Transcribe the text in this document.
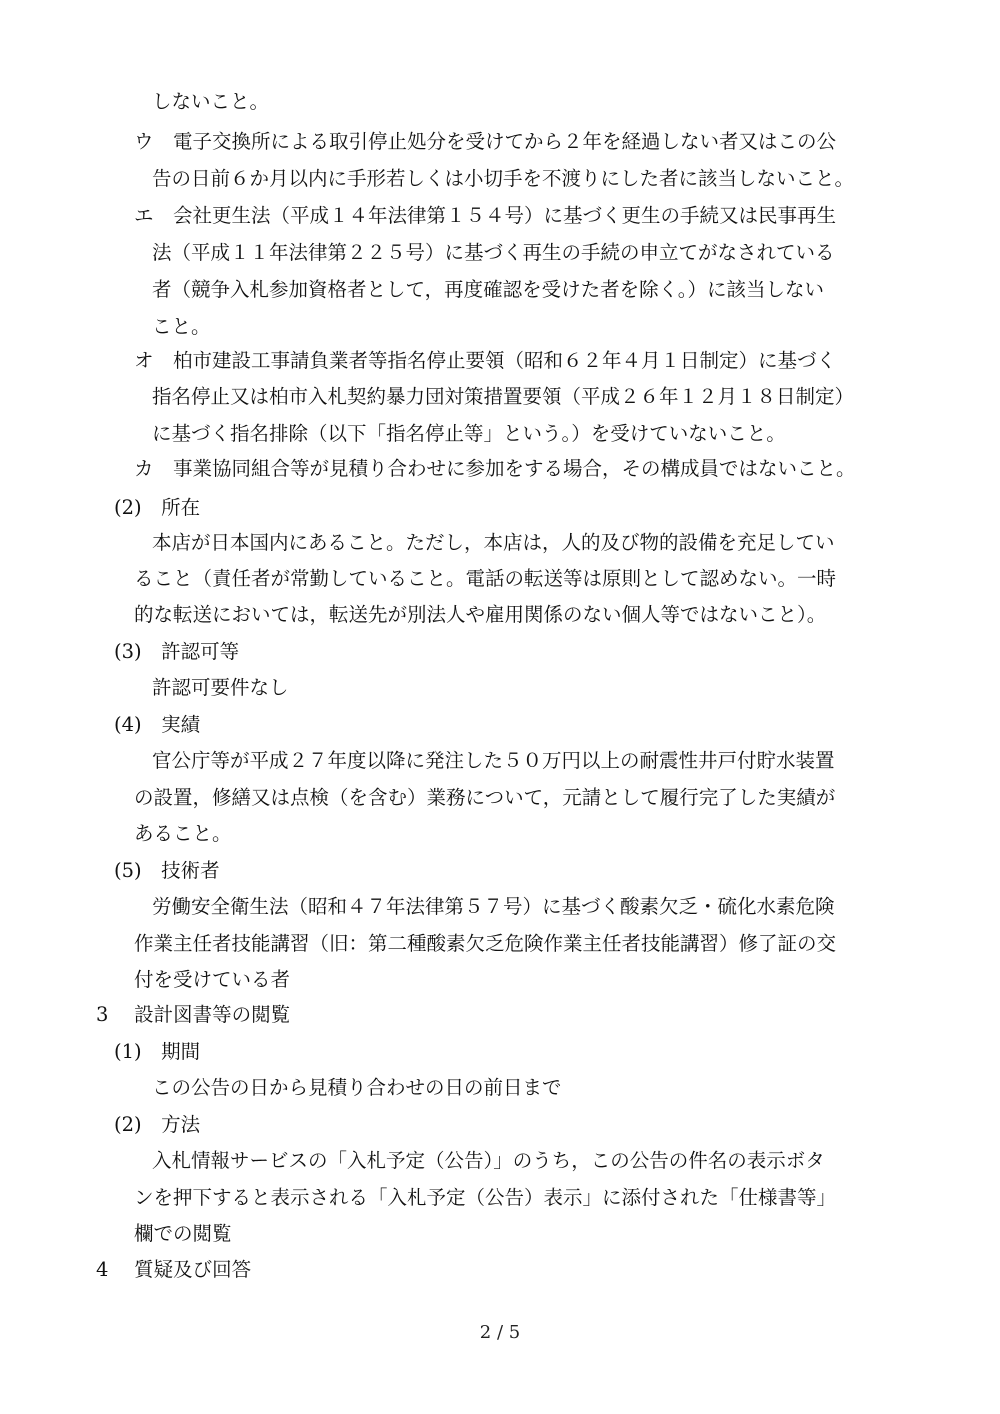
しないこと。

ウ　電子交換所による取引停止処分を受けてから２年を経過しない者又はこの公

告の日前６か月以内に手形若しくは小切手を不渡りにした者に該当しないこと。

エ　会社更生法（平成１４年法律第１５４号）に基づく更生の手続又は民事再生

法（平成１１年法律第２２５号）に基づく再生の手続の申立てがなされている

者（競争入札参加資格者として，再度確認を受けた者を除く。）に該当しない

こと。

オ　柏市建設工事請負業者等指名停止要領（昭和６２年４月１日制定）に基づく

指名停止又は柏市入札契約暴力団対策措置要領（平成２６年１２月１８日制定）

に基づく指名排除（以下「指名停止等」という。）を受けていないこと。

カ　事業協同組合等が見積り合わせに参加をする場合，その構成員ではないこと。

(2)　所在

本店が日本国内にあること。ただし，本店は，人的及び物的設備を充足してい

ること（責任者が常勤していること。電話の転送等は原則として認めない。一時

的な転送においては，転送先が別法人や雇用関係のない個人等ではないこと）。

(3)　許認可等

許認可要件なし

(4)　実績

官公庁等が平成２７年度以降に発注した５０万円以上の耐震性井戸付貯水装置

の設置，修繕又は点検（を含む）業務について，元請として履行完了した実績が

あること。

(5)　技術者

労働安全衛生法（昭和４７年法律第５７号）に基づく酸素欠乏・硫化水素危険

作業主任者技能講習（旧：第二種酸素欠乏危険作業主任者技能講習）修了証の交

付を受けている者

3　 設計図書等の閲覧

(1)　期間

この公告の日から見積り合わせの日の前日まで

(2)　方法

入札情報サービスの「入札予定（公告）」のうち，この公告の件名の表示ボタ

ンを押下すると表示される「入札予定（公告）表示」に添付された「仕様書等」

欄での閲覧

4　 質疑及び回答

2 / 5
